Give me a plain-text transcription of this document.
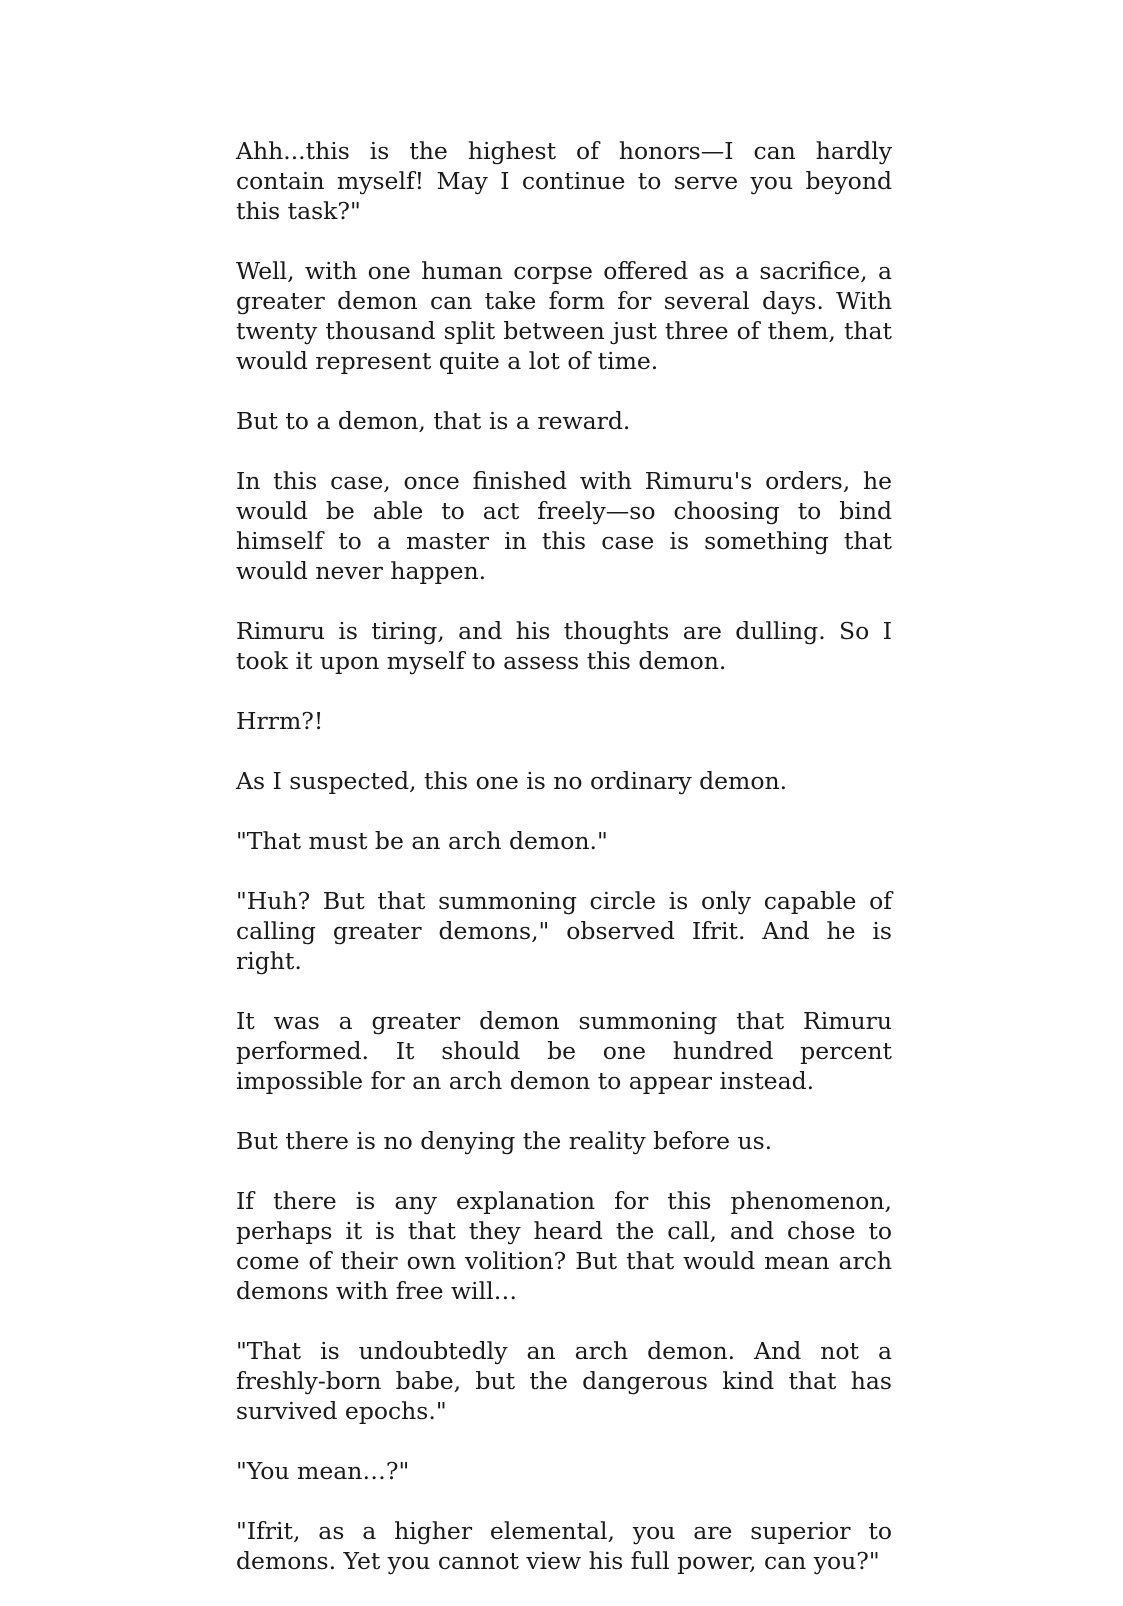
Ahh...this is the highest of honors—I can hardly contain myself! May I continue to serve you beyond this task?"

Well, with one human corpse offered as a sacrifice, a greater demon can take form for several days. With twenty thousand split between just three of them, that would represent quite a lot of time.

But to a demon, that is a reward.

In this case, once finished with Rimuru's orders, he would be able to act freely—so choosing to bind himself to a master in this case is something that would never happen.

Rimuru is tiring, and his thoughts are dulling. So I took it upon myself to assess this demon.

Hrrm?!

As I suspected, this one is no ordinary demon.

"That must be an arch demon."

"Huh? But that summoning circle is only capable of calling greater demons," observed Ifrit. And he is right.

It was a greater demon summoning that Rimuru performed. It should be one hundred percent impossible for an arch demon to appear instead.

But there is no denying the reality before us.

If there is any explanation for this phenomenon, perhaps it is that they heard the call, and chose to come of their own volition? But that would mean arch demons with free will…

"That is undoubtedly an arch demon. And not a freshly-born babe, but the dangerous kind that has survived epochs."

"You mean…?"

"Ifrit, as a higher elemental, you are superior to demons. Yet you cannot view his full power, can you?"
